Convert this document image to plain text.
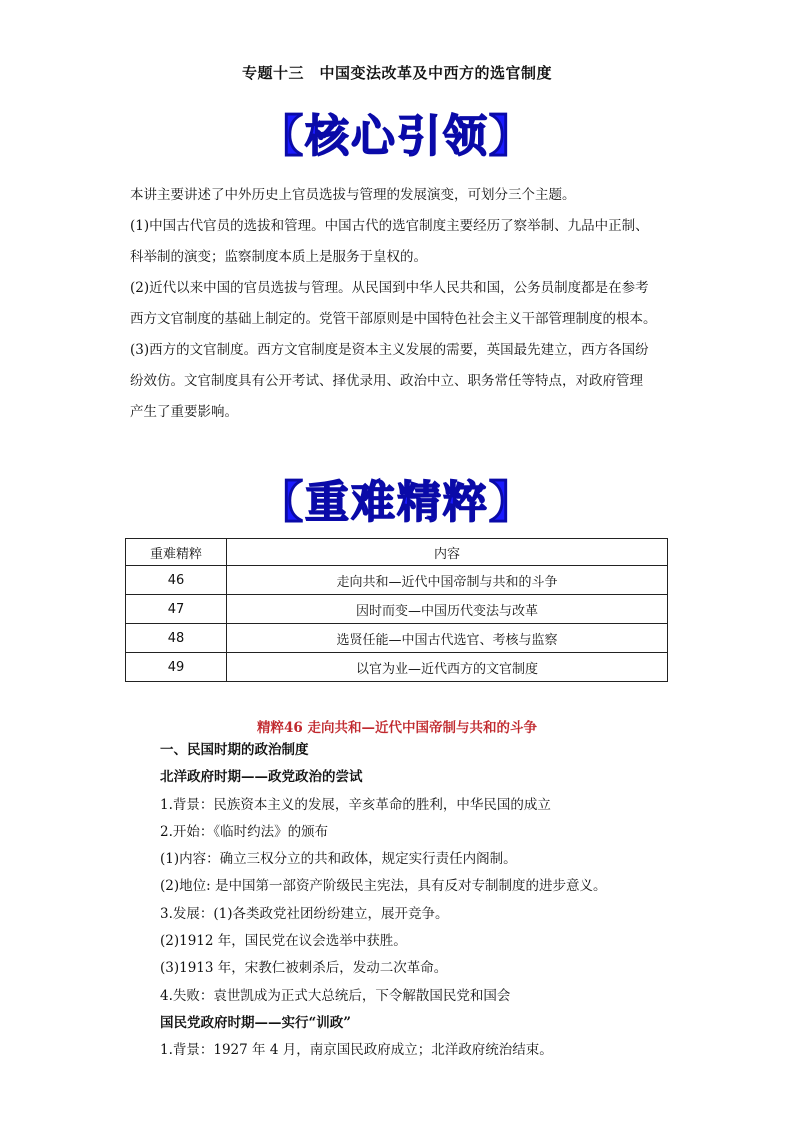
专题十三　中国变法改革及中西方的选官制度
【核心引领】

本讲主要讲述了中外历史上官员选拔与管理的发展演变，可划分三个主题。

(1)中国古代官员的选拔和管理。中国古代的选官制度主要经历了察举制、九品中正制、

科举制的演变；监察制度本质上是服务于皇权的。

(2)近代以来中国的官员选拔与管理。从民国到中华人民共和国，公务员制度都是在参考

西方文官制度的基础上制定的。党管干部原则是中国特色社会主义干部管理制度的根本。

(3)西方的文官制度。西方文官制度是资本主义发展的需要，英国最先建立，西方各国纷

纷效仿。文官制度具有公开考试、择优录用、政治中立、职务常任等特点，对政府管理

产生了重要影响。

【重难精粹】
重难精粹	内容
46	走向共和—近代中国帝制与共和的斗争
47	因时而变—中国历代变法与改革
48	选贤任能—中国古代选官、考核与监察
49	以官为业—近代西方的文官制度
精粹46 走向共和—近代中国帝制与共和的斗争

一、民国时期的政治制度

北洋政府时期——政党政治的尝试

1.背景：民族资本主义的发展，辛亥革命的胜利，中华民国的成立

2.开始：《临时约法》的颁布

(1)内容：确立三权分立的共和政体，规定实行责任内阁制。

(2)地位: 是中国第一部资产阶级民主宪法，具有反对专制制度的进步意义。

3.发展：(1)各类政党社团纷纷建立，展开竞争。

(2)1912 年，国民党在议会选举中获胜。

(3)1913 年，宋教仁被刺杀后，发动二次革命。

4.失败：袁世凯成为正式大总统后，下令解散国民党和国会

国民党政府时期——实行“训政”

1.背景：1927 年 4 月，南京国民政府成立；北洋政府统治结束。
